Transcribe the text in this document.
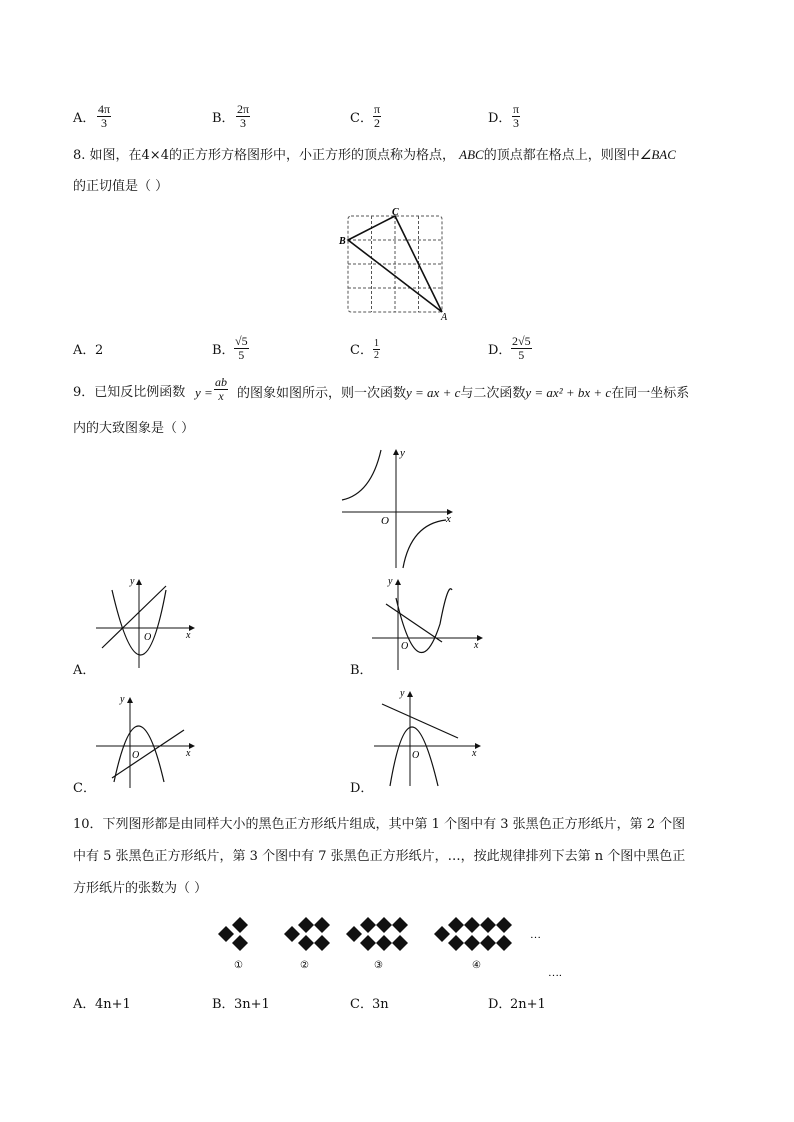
A． $\frac{4\pi}{3}$	B． $\frac{2\pi}{3}$	C． $\frac{\pi}{2}$	D． $\frac{\pi}{3}$
8. 如图，在4×4的正方形方格图形中，小正方形的顶点称为格点， ABC的顶点都在格点上，则图中∠BAC
的正切值是（ ）
C
B
A
A． 2	B． $\frac{√5}{5}$	C． $\frac{1}{2}$	D． $\frac{2√5}{5}$
9．已知反比例函数 $y = \frac{ab}{x}$ 的图象如图所示，则一次函数y = ax + c与二次函数y = ax² + bx + c在同一坐标系
内的大致图象是（ ）
y
x
O
y
x
O
A．
y
x
O
B．
y
x
O
C．
y
x
O
D．
10．下列图形都是由同样大小的黑色正方形纸片组成，其中第 1 个图中有 3 张黑色正方形纸片，第 2 个图
中有 5 张黑色正方形纸片，第 3 个图中有 7 张黑色正方形纸片，…，按此规律排列下去第 n 个图中黑色正
方形纸片的张数为（ ）
①	②	③	④
…
….
A． 4n+1	B． 3n+1	C． 3n	D．
2n+1
